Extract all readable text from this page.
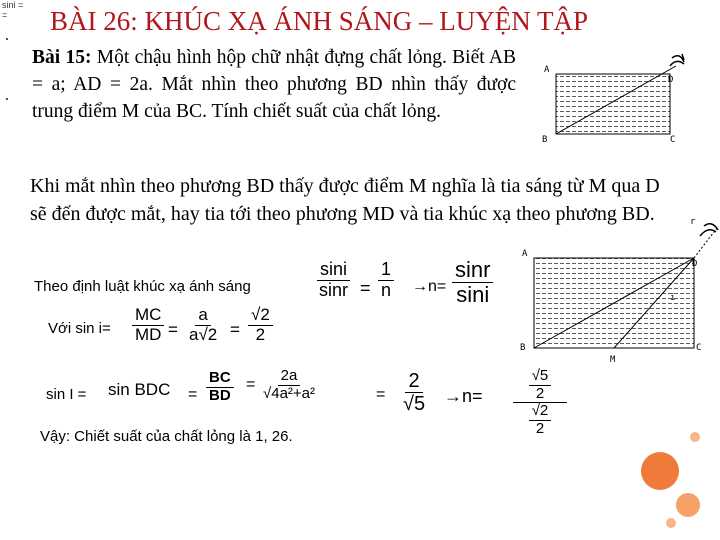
sini =
=	BÀI 26: KHÚC XẠ ÁNH SÁNG – LUYỆN TẬP
Bài 15: Một chậu hình hộp chữ nhật đựng chất lỏng. Biết AB = a; AD = 2a. Mắt nhìn theo phương BD nhìn thấy được trung điểm M của BC. Tính chiết suất của chất lỏng.
A
D
B	C
Khi mắt nhìn theo phương BD thấy được điểm M nghĩa là tia sáng từ M qua D sẽ đến được mắt, hay tia tới theo phương MD và tia khúc xạ theo phương BD.
A
D
B	C
M
i
r
Theo định luật khúc xạ ánh sáng	$\frac{\sin i}{\sin r} = \frac{1}{n} \to n= \frac{\sin r}{\sin i}$
Với $\sin i= \frac{MC}{MD} = \frac{a}{a√2} = \frac{√2}{2}$
sin I = sin BDC = $\frac{BC}{BD} = \frac{2a}{\text{√4a²+a²}}$	= $\frac{2}{√5} \to n= \frac{\frac{√5}{2}}{\frac{√2}{2}}$
Vậy: Chiết suất của chất lỏng là 1, 26.
